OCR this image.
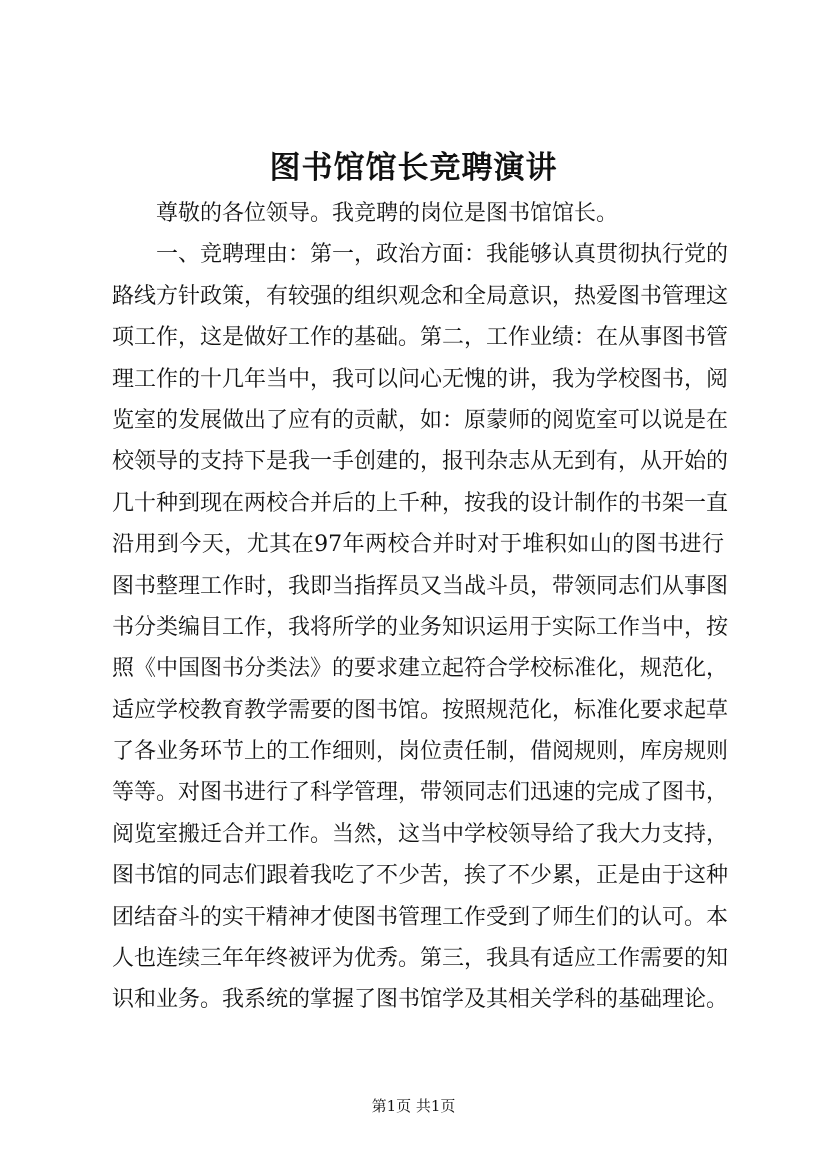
图书馆馆长竞聘演讲
尊敬的各位领导。我竞聘的岗位是图书馆馆长。
一、竞聘理由：第一，政治方面：我能够认真贯彻执行党的
路线方针政策，有较强的组织观念和全局意识，热爱图书管理这
项工作，这是做好工作的基础。第二，工作业绩：在从事图书管
理工作的十几年当中，我可以问心无愧的讲，我为学校图书，阅
览室的发展做出了应有的贡献，如：原蒙师的阅览室可以说是在
校领导的支持下是我一手创建的，报刊杂志从无到有，从开始的
几十种到现在两校合并后的上千种，按我的设计制作的书架一直
沿用到今天，尤其在97年两校合并时对于堆积如山的图书进行
图书整理工作时，我即当指挥员又当战斗员，带领同志们从事图
书分类编目工作，我将所学的业务知识运用于实际工作当中，按
照《中国图书分类法》的要求建立起符合学校标准化，规范化，
适应学校教育教学需要的图书馆。按照规范化，标准化要求起草
了各业务环节上的工作细则，岗位责任制，借阅规则，库房规则
等等。对图书进行了科学管理，带领同志们迅速的完成了图书，
阅览室搬迁合并工作。当然，这当中学校领导给了我大力支持，
图书馆的同志们跟着我吃了不少苦，挨了不少累，正是由于这种
团结奋斗的实干精神才使图书管理工作受到了师生们的认可。本
人也连续三年年终被评为优秀。第三，我具有适应工作需要的知
识和业务。我系统的掌握了图书馆学及其相关学科的基础理论。
第1页 共1页
